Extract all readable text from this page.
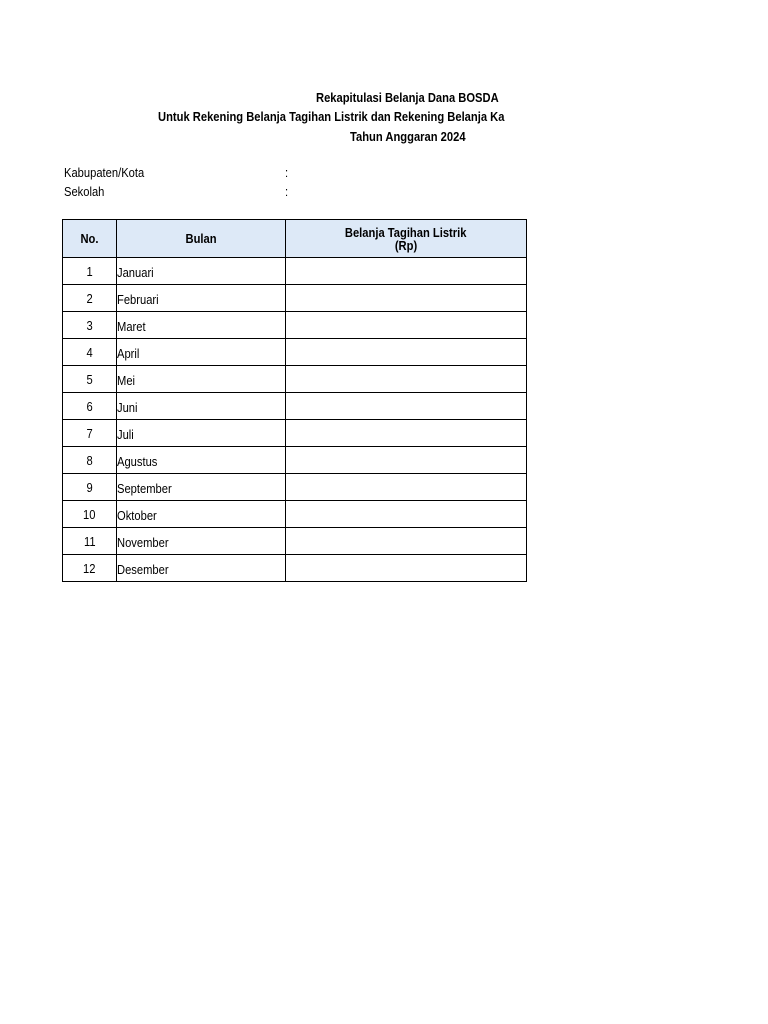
Rekapitulasi Belanja Dana BOSDA
Untuk Rekening Belanja Tagihan Listrik dan Rekening Belanja Ka
Tahun Anggaran 2024
Kabupaten/Kota	:
Sekolah	:
No.	Bulan	Belanja Tagihan Listrik
(Rp)
1	Januari	
2	Februari	
3	Maret	
4	April	
5	Mei	
6	Juni	
7	Juli	
8	Agustus	
9	September	
10	Oktober	
11	November	
12	Desember	
